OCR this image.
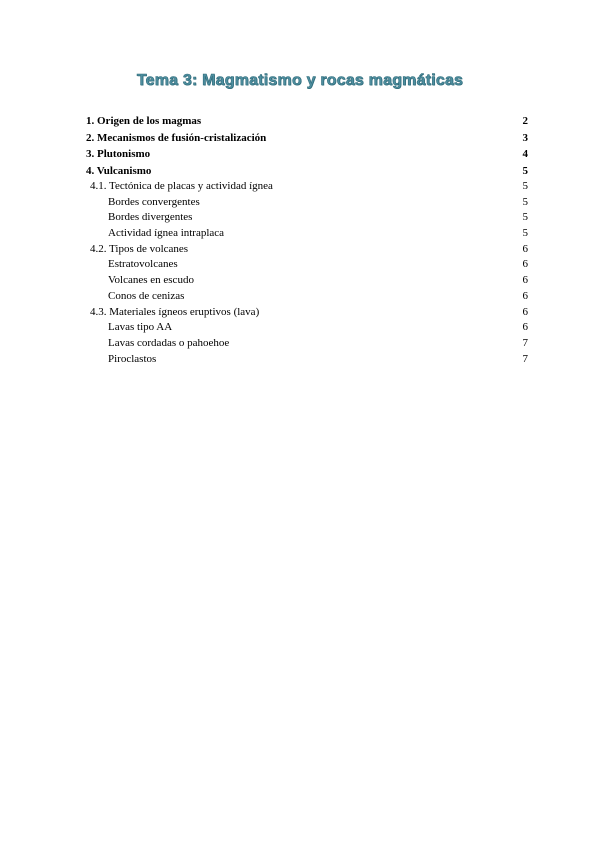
Tema 3: Magmatismo y rocas magmáticas
1. Origen de los magmas	2
2. Mecanismos de fusión-cristalización	3
3. Plutonismo	4
4. Vulcanismo	5
4.1. Tectónica de placas y actividad ígnea	5
Bordes convergentes	5
Bordes divergentes	5
Actividad ígnea intraplaca	5
4.2. Tipos de volcanes	6
Estratovolcanes	6
Volcanes en escudo	6
Conos de cenizas	6
4.3. Materiales ígneos eruptivos (lava)	6
Lavas tipo AA	6
Lavas cordadas o pahoehoe	7
Piroclastos	7
